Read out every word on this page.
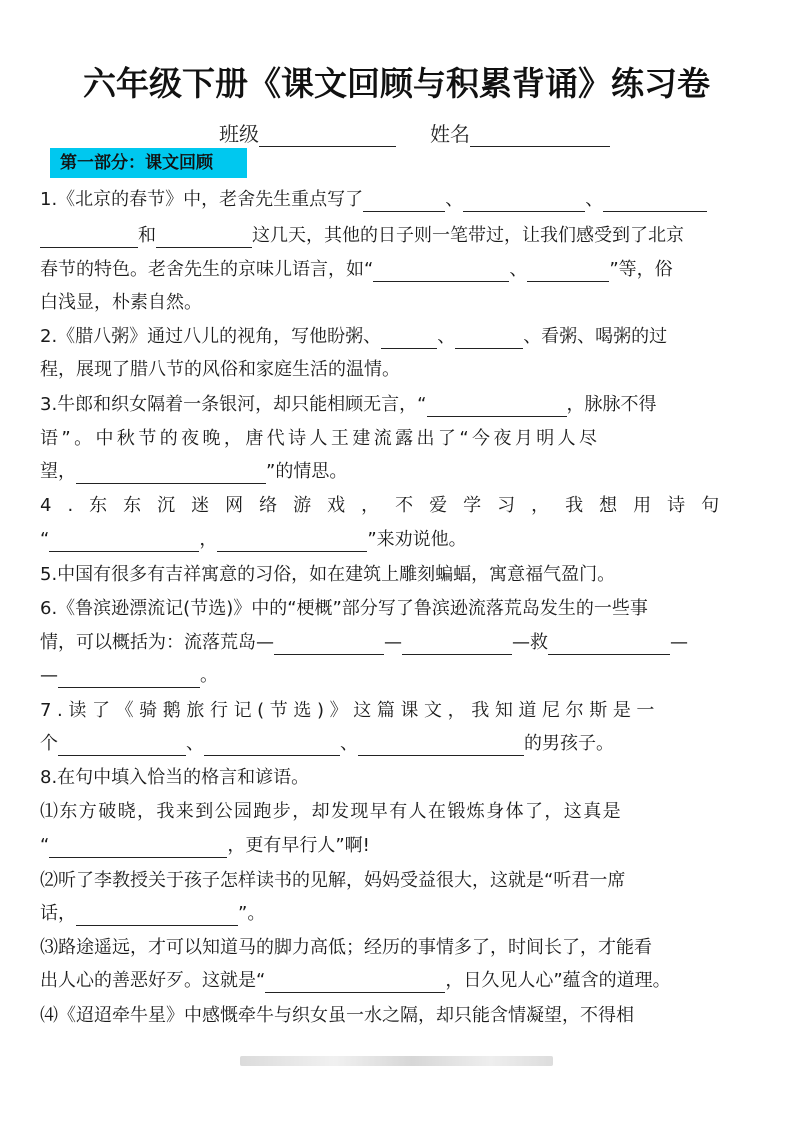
六年级下册《课文回顾与积累背诵》练习卷
班级	姓名
第一部分：课文回顾
1.《北京的春节》中，老舍先生重点写了	、	、
和	这几天，其他的日子则一笔带过，让我们感受到了北京
春节的特色。老舍先生的京味儿语言，如“	、	”等，俗
白浅显，朴素自然。
2.《腊八粥》通过八儿的视角，写他盼粥、	、	、看粥、喝粥的过
程，展现了腊八节的风俗和家庭生活的温情。
3.牛郎和织女隔着一条银河，却只能相顾无言，“	，脉脉不得
语”。中秋节的夜晚，唐代诗人王建流露出了“今夜月明人尽
望，	”的情思。
4.东东沉迷网络游戏，不爱学习，我想用诗句
“	，	”来劝说他。
5.中国有很多有吉祥寓意的习俗，如在建筑上雕刻蝙蝠，寓意福气盈门。
6.《鲁滨逊漂流记(节选)》中的“梗概”部分写了鲁滨逊流落荒岛发生的一些事
情，可以概括为：流落荒岛—	—	—救	—
—	。
7.读了《骑鹅旅行记(节选)》这篇课文，我知道尼尔斯是一
个	、	、	的男孩子。
8.在句中填入恰当的格言和谚语。
⑴东方破晓，我来到公园跑步，却发现早有人在锻炼身体了，这真是
“	，更有早行人”啊!
⑵听了李教授关于孩子怎样读书的见解，妈妈受益很大，这就是“听君一席
话，	”。
⑶路途遥远，才可以知道马的脚力高低；经历的事情多了，时间长了，才能看
出人心的善恶好歹。这就是“	，日久见人心”蕴含的道理。
⑷《迢迢牵牛星》中感慨牵牛与织女虽一水之隔，却只能含情凝望，不得相
